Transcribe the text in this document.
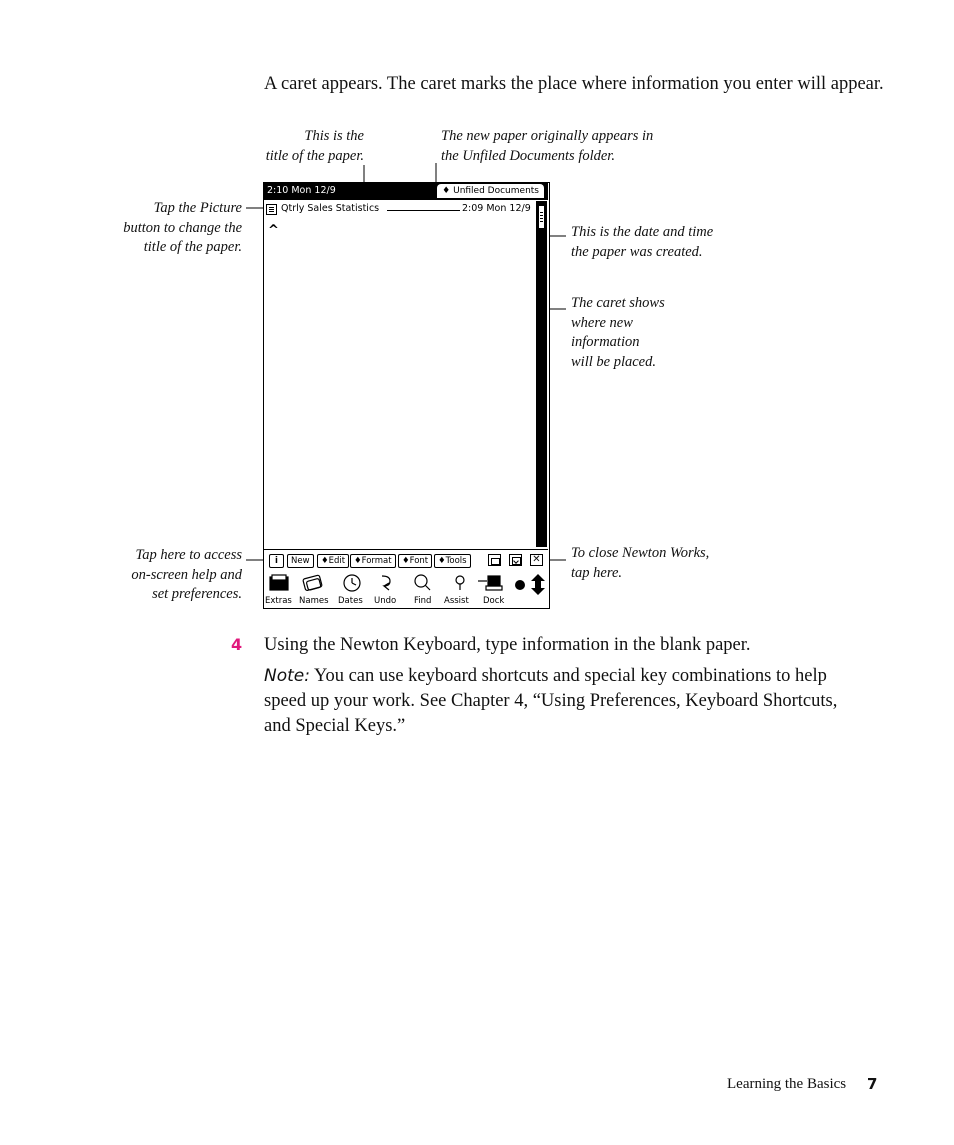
A caret appears. The caret marks the place where information you enter will appear.
This is the
title of the paper.
The new paper originally appears in
the Unfiled Documents folder.
Tap the Picture
button to change the
title of the paper.
This is the date and time
the paper was created.
The caret shows
where new
information
will be placed.
Tap here to access
on-screen help and
set preferences.
To close Newton Works,
tap here.
2:10 Mon 12/9	♦ Unfiled Documents
Qtrly Sales Statistics	2:09 Mon 12/9
^
i	New	♦Edit	♦Format	♦Font	♦Tools	✕
Extras Names Dates Undo Find Assist Dock
4 Using the Newton Keyboard, type information in the blank paper.
Note: You can use keyboard shortcuts and special key combinations to help speed up your work. See Chapter 4, “Using Preferences, Keyboard Shortcuts, and Special Keys.”
Learning the Basics 7
